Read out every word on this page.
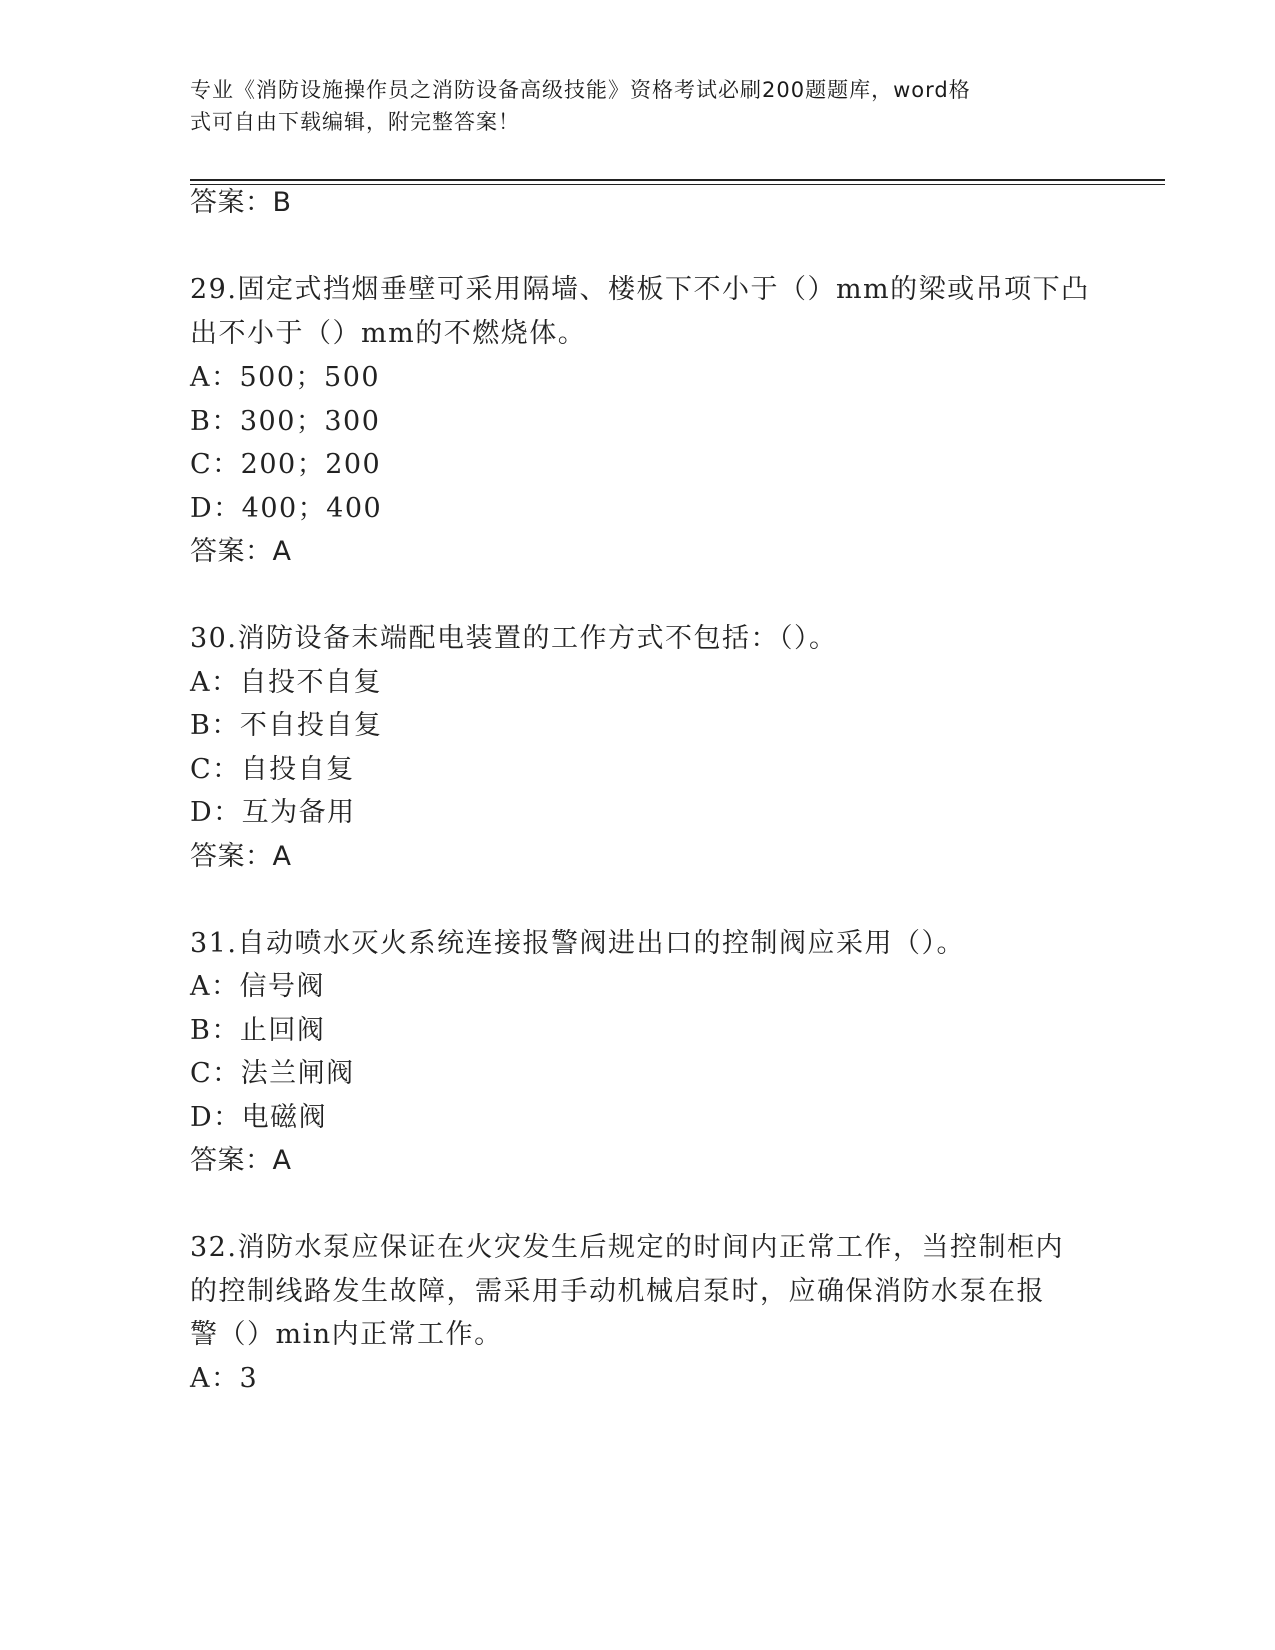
专业《消防设施操作员之消防设备高级技能》资格考试必刷200题题库，word格
式可自由下载编辑，附完整答案！
答案：B
29.固定式挡烟垂壁可采用隔墙、楼板下不小于（）mm的梁或吊项下凸
出不小于（）mm的不燃烧体。
A：500；500
B：300；300
C：200；200
D：400；400
答案：A
30.消防设备末端配电装置的工作方式不包括：（）。
A：自投不自复
B：不自投自复
C：自投自复
D：互为备用
答案：A
31.自动喷水灭火系统连接报警阀进出口的控制阀应采用（）。
A：信号阀
B：止回阀
C：法兰闸阀
D：电磁阀
答案：A
32.消防水泵应保证在火灾发生后规定的时间内正常工作，当控制柜内
的控制线路发生故障，需采用手动机械启泵时，应确保消防水泵在报
警（）min内正常工作。
A：3
